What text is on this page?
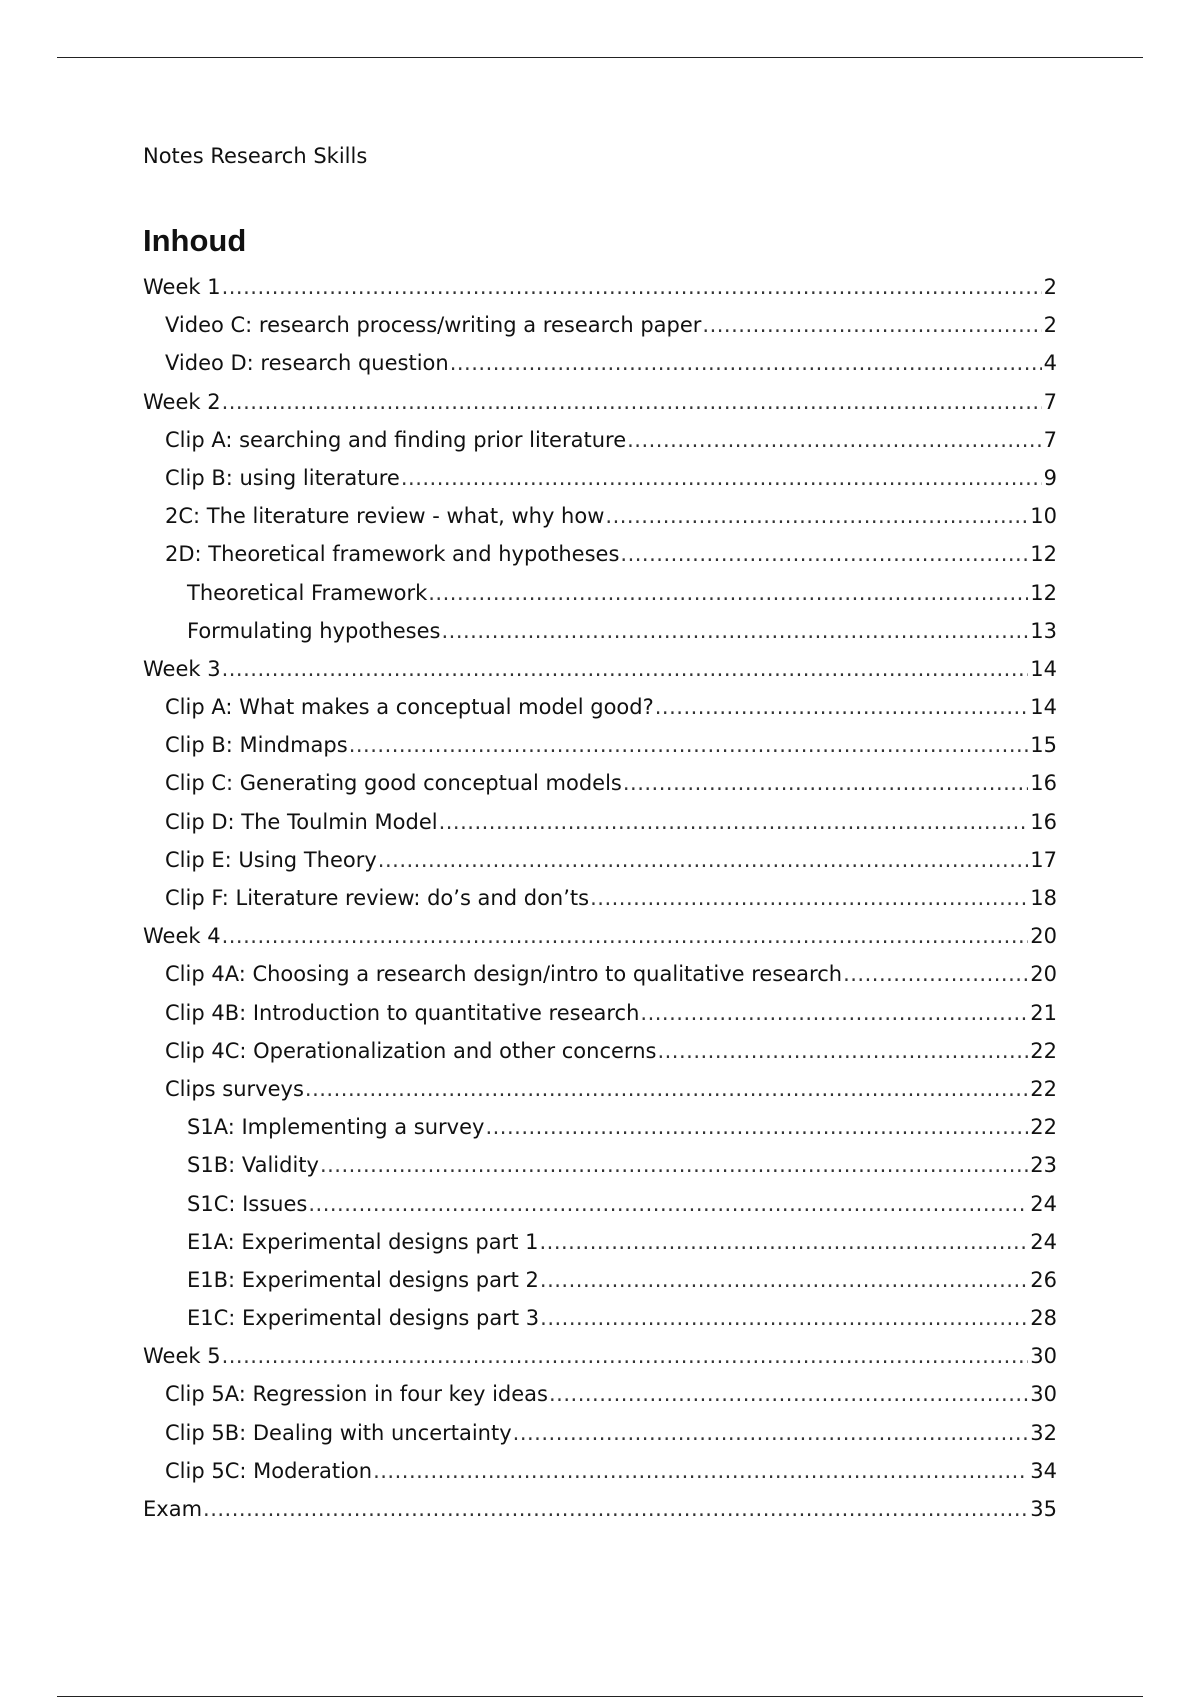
Notes Research Skills
Inhoud
Week 1 .....	2
Video C: research process/writing a research paper .....	2
Video D: research question .....	4
Week 2 .....	7
Clip A: searching and finding prior literature .....	7
Clip B: using literature .....	9
2C: The literature review - what, why how .....	10
2D: Theoretical framework and hypotheses .....	12
Theoretical Framework .....	12
Formulating hypotheses .....	13
Week 3 .....	14
Clip A: What makes a conceptual model good? .....	14
Clip B: Mindmaps .....	15
Clip C: Generating good conceptual models .....	16
Clip D: The Toulmin Model .....	16
Clip E: Using Theory .....	17
Clip F: Literature review: do’s and don’ts .....	18
Week 4 .....	20
Clip 4A: Choosing a research design/intro to qualitative research .....	20
Clip 4B: Introduction to quantitative research .....	21
Clip 4C: Operationalization and other concerns .....	22
Clips surveys .....	22
S1A: Implementing a survey .....	22
S1B: Validity .....	23
S1C: Issues .....	24
E1A: Experimental designs part 1 .....	24
E1B: Experimental designs part 2 .....	26
E1C: Experimental designs part 3 .....	28
Week 5 .....	30
Clip 5A: Regression in four key ideas .....	30
Clip 5B: Dealing with uncertainty .....	32
Clip 5C: Moderation .....	34
Exam .....	35
